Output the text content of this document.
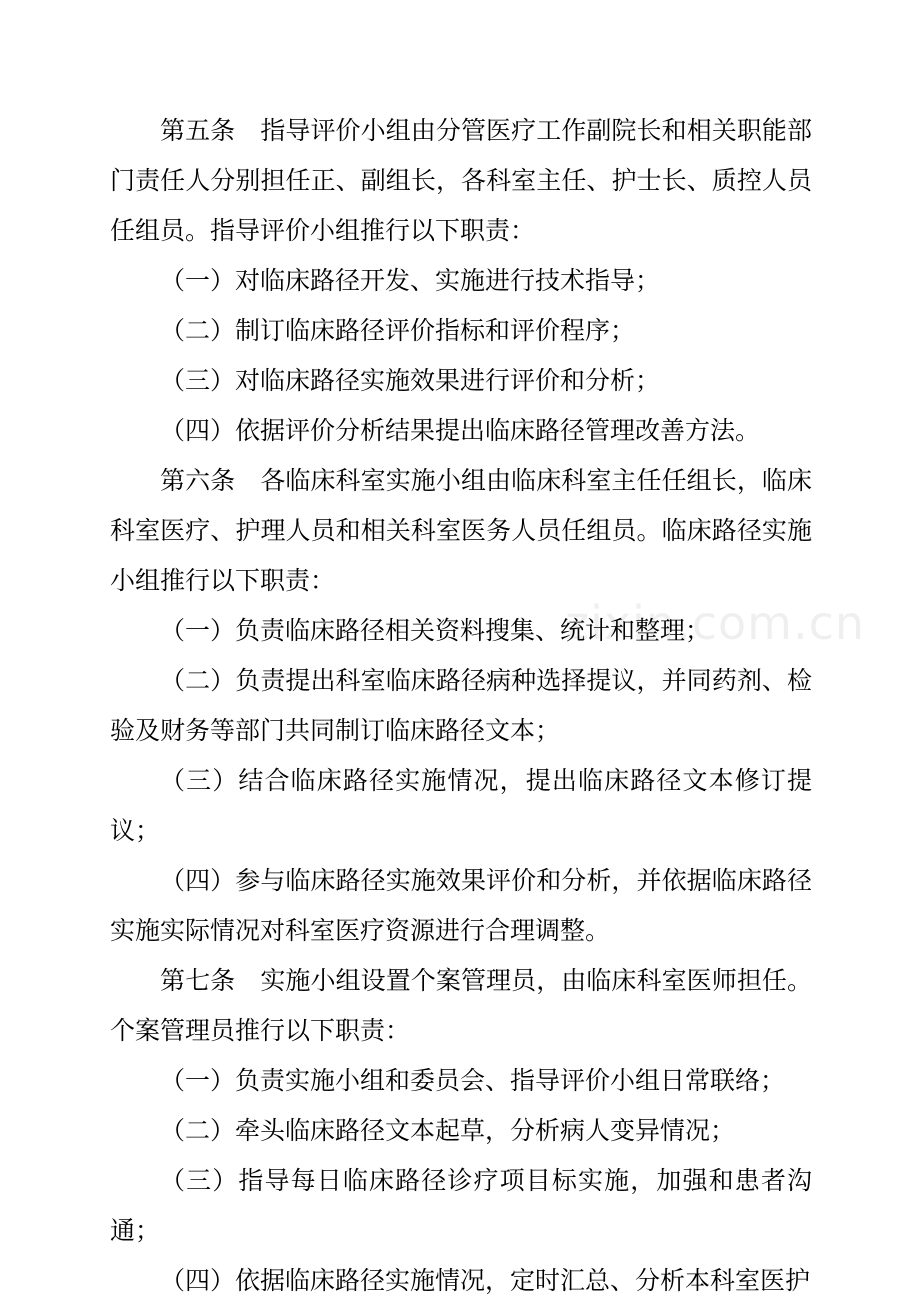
第五条　指导评价小组由分管医疗工作副院长和相关职能部门责任人分别担任正、副组长，各科室主任、护士长、质控人员任组员。指导评价小组推行以下职责：

（一）对临床路径开发、实施进行技术指导；

（二）制订临床路径评价指标和评价程序；

（三）对临床路径实施效果进行评价和分析；

（四）依据评价分析结果提出临床路径管理改善方法。

第六条　各临床科室实施小组由临床科室主任任组长，临床科室医疗、护理人员和相关科室医务人员任组员。临床路径实施小组推行以下职责：

（一）负责临床路径相关资料搜集、统计和整理；

（二）负责提出科室临床路径病种选择提议，并同药剂、检验及财务等部门共同制订临床路径文本；

（三）结合临床路径实施情况，提出临床路径文本修订提议；

（四）参与临床路径实施效果评价和分析，并依据临床路径实施实际情况对科室医疗资源进行合理调整。

第七条　实施小组设置个案管理员，由临床科室医师担任。个案管理员推行以下职责：

（一）负责实施小组和委员会、指导评价小组日常联络；

（二）牵头临床路径文本起草，分析病人变异情况；

（三）指导每日临床路径诊疗项目标实施，加强和患者沟通；

（四）依据临床路径实施情况，定时汇总、分析本科室医护

zixin.com.cn
